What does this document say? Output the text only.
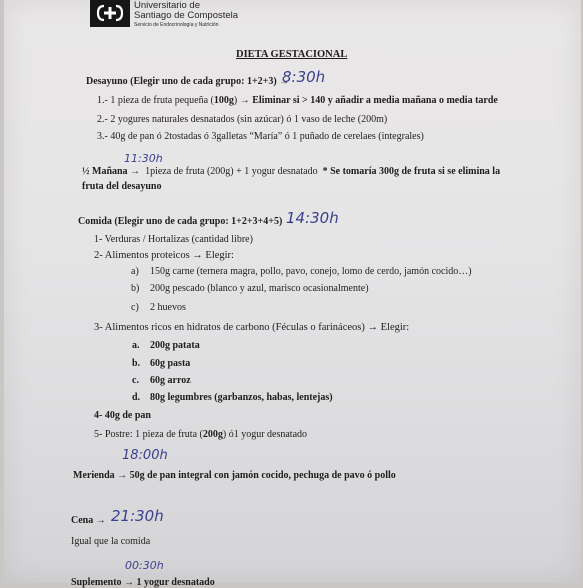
Universitario de
Santiago de Compostela
Servicio de Endocrinología y Nutrición
DIETA GESTACIONAL
Desayuno (Elegir uno de cada grupo: 1+2+3) →
8:30h
1.- 1 pieza de fruta pequeña (100g) → Eliminar si > 140 y añadir a media mañana o media tarde
2.- 2 yogures naturales desnatados (sin azúcar) ó 1 vaso de leche (200m)
3.- 40g de pan ó 2tostadas ó 3galletas “María” ó 1 puñado de cerelaes (integrales)
11:30h
½ Mañana → 1pieza de fruta (200g) + 1 yogur desnatado * Se tomaría 300g de fruta si se elimina la
fruta del desayuno
Comida (Elegir uno de cada grupo: 1+2+3+4+5) →
14:30h
1- Verduras / Hortalizas (cantidad libre)
2- Alimentos proteicos → Elegir:
a) 150g carne (ternera magra, pollo, pavo, conejo, lomo de cerdo, jamón cocido…)
b) 200g pescado (blanco y azul, marisco ocasionalmente)
c) 2 huevos
3- Alimentos ricos en hidratos de carbono (Féculas o farináceos) → Elegir:
a. 200g patata
b. 60g pasta
c. 60g arroz
d. 80g legumbres (garbanzos, habas, lentejas)
4- 40g de pan
5- Postre: 1 pieza de fruta (200g) ó1 yogur desnatado
18:00h
Merienda → 50g de pan integral con jamón cocido, pechuga de pavo ó pollo
Cena → 21:30h
Igual que la comida
00:30h
Suplemento → 1 yogur desnatado
